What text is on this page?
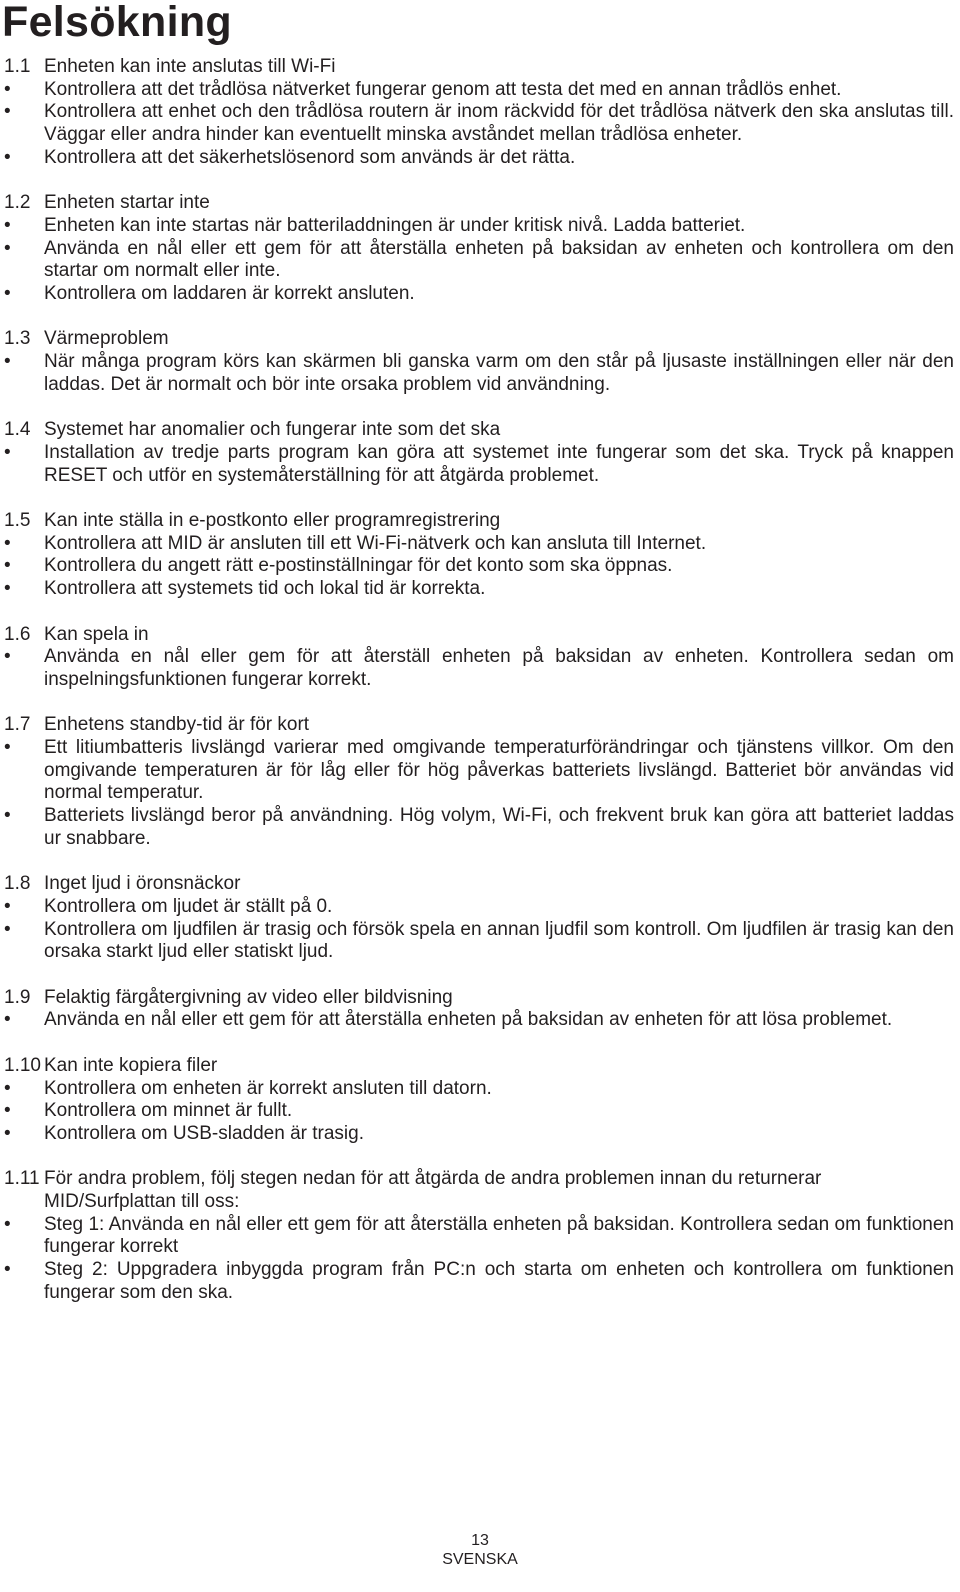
Felsökning
1.1 Enheten kan inte anslutas till Wi-Fi
•	Kontrollera att det trådlösa nätverket fungerar genom att testa det med en annan trådlös enhet.
•	Kontrollera att enhet och den trådlösa routern är inom räckvidd för det trådlösa nätverk den ska anslutas till. Väggar eller andra hinder kan eventuellt minska avståndet mellan trådlösa enheter.
•	Kontrollera att det säkerhetslösenord som används är det rätta.
1.2 Enheten startar inte
•	Enheten kan inte startas när batteriladdningen är under kritisk nivå. Ladda batteriet.
•	Använda en nål eller ett gem för att återställa enheten på baksidan av enheten och kontrollera om den startar om normalt eller inte.
•	Kontrollera om laddaren är korrekt ansluten.
1.3 Värmeproblem
•	När många program körs kan skärmen bli ganska varm om den står på ljusaste inställningen eller när den laddas. Det är normalt och bör inte orsaka problem vid användning.
1.4 Systemet har anomalier och fungerar inte som det ska
•	Installation av tredje parts program kan göra att systemet inte fungerar som det ska. Tryck på knappen RESET och utför en systemåterställning för att åtgärda problemet.
1.5 Kan inte ställa in e-postkonto eller programregistrering
•	Kontrollera att MID är ansluten till ett Wi-Fi-nätverk och kan ansluta till Internet.
•	Kontrollera du angett rätt e-postinställningar för det konto som ska öppnas.
•	Kontrollera att systemets tid och lokal tid är korrekta.
1.6 Kan spela in
•	Använda en nål eller gem för att återställ enheten på baksidan av enheten. Kontrollera sedan om inspelningsfunktionen fungerar korrekt.
1.7 Enhetens standby-tid är för kort
•	Ett litiumbatteris livslängd varierar med omgivande temperaturförändringar och tjänstens villkor. Om den omgivande temperaturen är för låg eller för hög påverkas batteriets livslängd. Batteriet bör användas vid normal temperatur.
•	Batteriets livslängd beror på användning. Hög volym, Wi-Fi, och frekvent bruk kan göra att batteriet laddas ur snabbare.
1.8 Inget ljud i öronsnäckor
•	Kontrollera om ljudet är ställt på 0.
•	Kontrollera om ljudfilen är trasig och försök spela en annan ljudfil som kontroll. Om ljudfilen är trasig kan den orsaka starkt ljud eller statiskt ljud.
1.9 Felaktig färgåtergivning av video eller bildvisning
•	Använda en nål eller ett gem för att återställa enheten på baksidan av enheten för att lösa problemet.
1.10 Kan inte kopiera filer
•	Kontrollera om enheten är korrekt ansluten till datorn.
•	Kontrollera om minnet är fullt.
•	Kontrollera om USB-sladden är trasig.
1.11 För andra problem, följ stegen nedan för att åtgärda de andra problemen innan du returnerar MID/Surfplattan till oss:
•	Steg 1: Använda en nål eller ett gem för att återställa enheten på baksidan. Kontrollera sedan om funktionen fungerar korrekt
•	Steg 2: Uppgradera inbyggda program från PC:n och starta om enheten och kontrollera om funktionen fungerar som den ska.
13
SVENSKA
